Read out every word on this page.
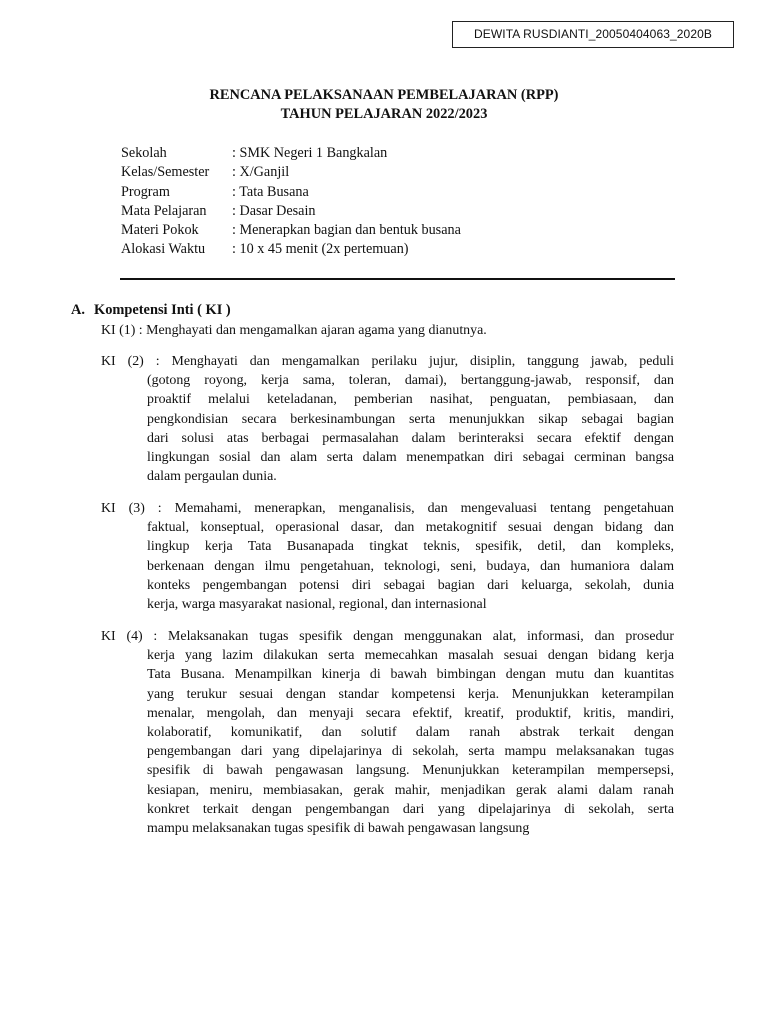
DEWITA RUSDIANTI_20050404063_2020B
RENCANA PELAKSANAAN PEMBELAJARAN (RPP)
TAHUN PELAJARAN 2022/2023
Sekolah	: SMK Negeri 1 Bangkalan
Kelas/Semester	: X/Ganjil
Program	: Tata Busana
Mata Pelajaran	: Dasar Desain
Materi Pokok	: Menerapkan bagian dan bentuk busana
Alokasi Waktu	: 10 x 45 menit (2x pertemuan)
A. Kompetensi Inti ( KI )
KI (1) : Menghayati dan mengamalkan ajaran agama yang dianutnya.
KI (2) : Menghayati dan mengamalkan perilaku jujur, disiplin, tanggung jawab, peduli
(gotong royong, kerja sama, toleran, damai), bertanggung-jawab, responsif, dan
proaktif melalui keteladanan, pemberian nasihat, penguatan, pembiasaan, dan
pengkondisian secara berkesinambungan serta menunjukkan sikap sebagai bagian
dari solusi atas berbagai permasalahan dalam berinteraksi secara efektif dengan
lingkungan sosial dan alam serta dalam menempatkan diri sebagai cerminan bangsa
dalam pergaulan dunia.
KI (3) : Memahami, menerapkan, menganalisis, dan mengevaluasi tentang pengetahuan
faktual, konseptual, operasional dasar, dan metakognitif sesuai dengan bidang dan
lingkup kerja Tata Busanapada tingkat teknis, spesifik, detil, dan kompleks,
berkenaan dengan ilmu pengetahuan, teknologi, seni, budaya, dan humaniora dalam
konteks pengembangan potensi diri sebagai bagian dari keluarga, sekolah, dunia
kerja, warga masyarakat nasional, regional, dan internasional
KI (4) : Melaksanakan tugas spesifik dengan menggunakan alat, informasi, dan prosedur
kerja yang lazim dilakukan serta memecahkan masalah sesuai dengan bidang kerja
Tata Busana. Menampilkan kinerja di bawah bimbingan dengan mutu dan kuantitas
yang terukur sesuai dengan standar kompetensi kerja. Menunjukkan keterampilan
menalar, mengolah, dan menyaji secara efektif, kreatif, produktif, kritis, mandiri,
kolaboratif, komunikatif, dan solutif dalam ranah abstrak terkait dengan
pengembangan dari yang dipelajarinya di sekolah, serta mampu melaksanakan tugas
spesifik di bawah pengawasan langsung. Menunjukkan keterampilan mempersepsi,
kesiapan, meniru, membiasakan, gerak mahir, menjadikan gerak alami dalam ranah
konkret terkait dengan pengembangan dari yang dipelajarinya di sekolah, serta
mampu melaksanakan tugas spesifik di bawah pengawasan langsung
